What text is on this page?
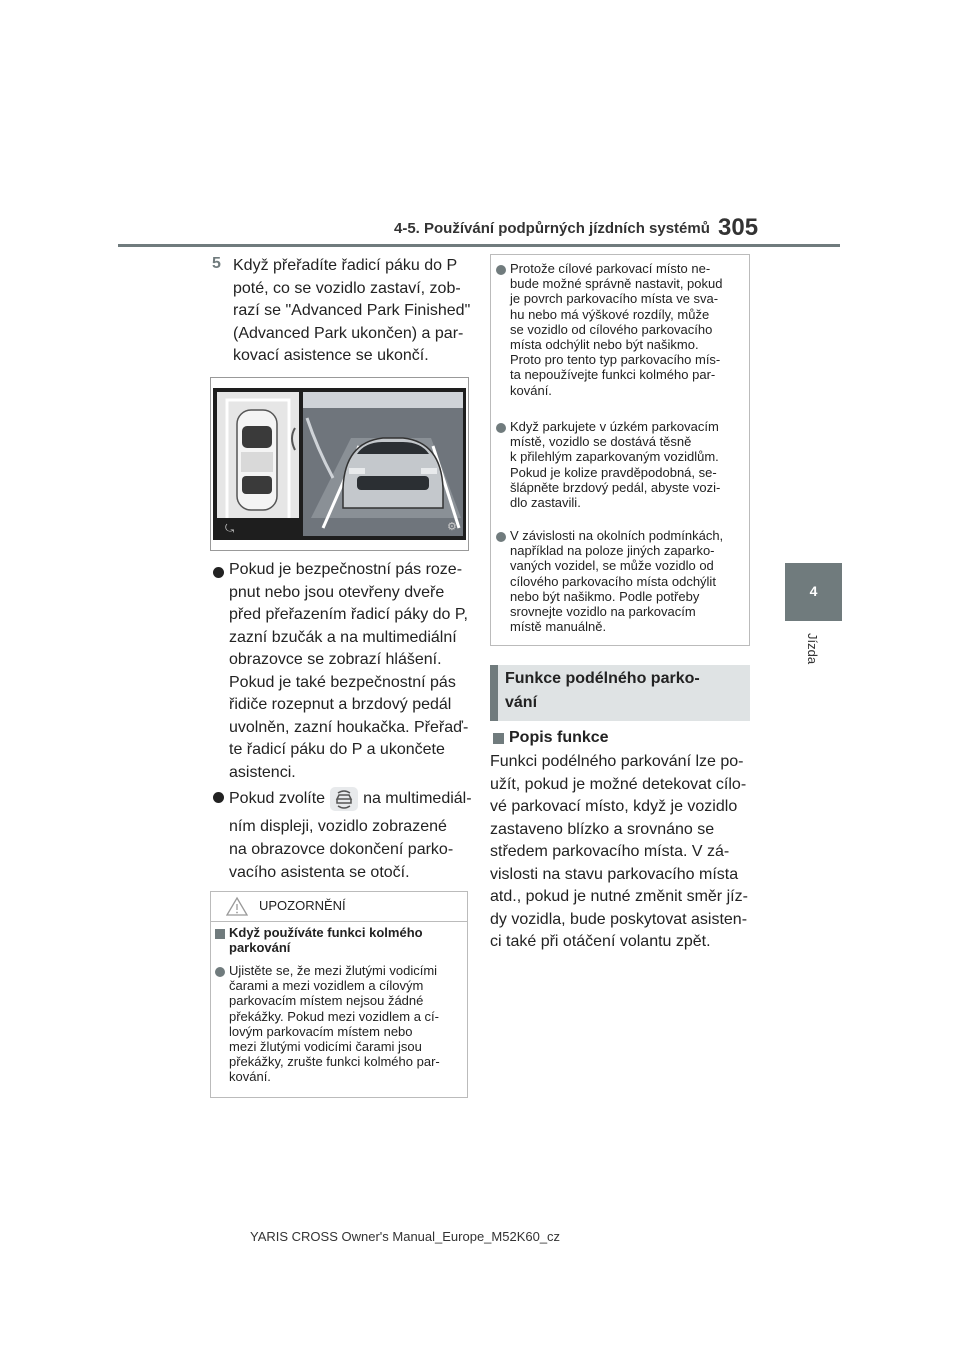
4-5. Používání podpůrných jízdních systémů 305
4
Jízda
5 Když přeřadíte řadicí páku do P
poté, co se vozidlo zastaví, zob-
razí se "Advanced Park Finished"
(Advanced Park ukončen) a par-
kovací asistence se ukončí.
⤿	⚙
Pokud je bezpečnostní pás roze-
pnut nebo jsou otevřeny dveře
před přeřazením řadicí páky do P,
zazní bzučák a na multimediální
obrazovce se zobrazí hlášení.
Pokud je také bezpečnostní pás
řidiče rozepnut a brzdový pedál
uvolněn, zazní houkačka. Přeřaď-
te řadicí páku do P a ukončete
asistenci.
Pokud zvolíte na multimediál-
ním displeji, vozidlo zobrazené
na obrazovce dokončení parko-
vacího asistenta se otočí.
UPOZORNĚNÍ
Když používáte funkci kolmého
parkování
Ujistěte se, že mezi žlutými vodicími
čarami a mezi vozidlem a cílovým
parkovacím místem nejsou žádné
překážky. Pokud mezi vozidlem a cí-
lovým parkovacím místem nebo
mezi žlutými vodicími čarami jsou
překážky, zrušte funkci kolmého par-
kování.
Protože cílové parkovací místo ne-
bude možné správně nastavit, pokud
je povrch parkovacího místa ve sva-
hu nebo má výškové rozdíly, může
se vozidlo od cílového parkovacího
místa odchýlit nebo být našikmo.
Proto pro tento typ parkovacího mís-
ta nepoužívejte funkci kolmého par-
kování.
Když parkujete v úzkém parkovacím
místě, vozidlo se dostává těsně
k přilehlým zaparkovaným vozidlům.
Pokud je kolize pravděpodobná, se-
šlápněte brzdový pedál, abyste vozi-
dlo zastavili.
V závislosti na okolních podmínkách,
například na poloze jiných zaparko-
vaných vozidel, se může vozidlo od
cílového parkovacího místa odchýlit
nebo být našikmo. Podle potřeby
srovnejte vozidlo na parkovacím
místě manuálně.
Funkce podélného parko-
vání
Popis funkce
Funkci podélného parkování lze po-
užít, pokud je možné detekovat cílo-
vé parkovací místo, když je vozidlo
zastaveno blízko a srovnáno se
středem parkovacího místa. V zá-
vislosti na stavu parkovacího místa
atd., pokud je nutné změnit směr jíz-
dy vozidla, bude poskytovat asisten-
ci také při otáčení volantu zpět.
YARIS CROSS Owner's Manual_Europe_M52K60_cz
